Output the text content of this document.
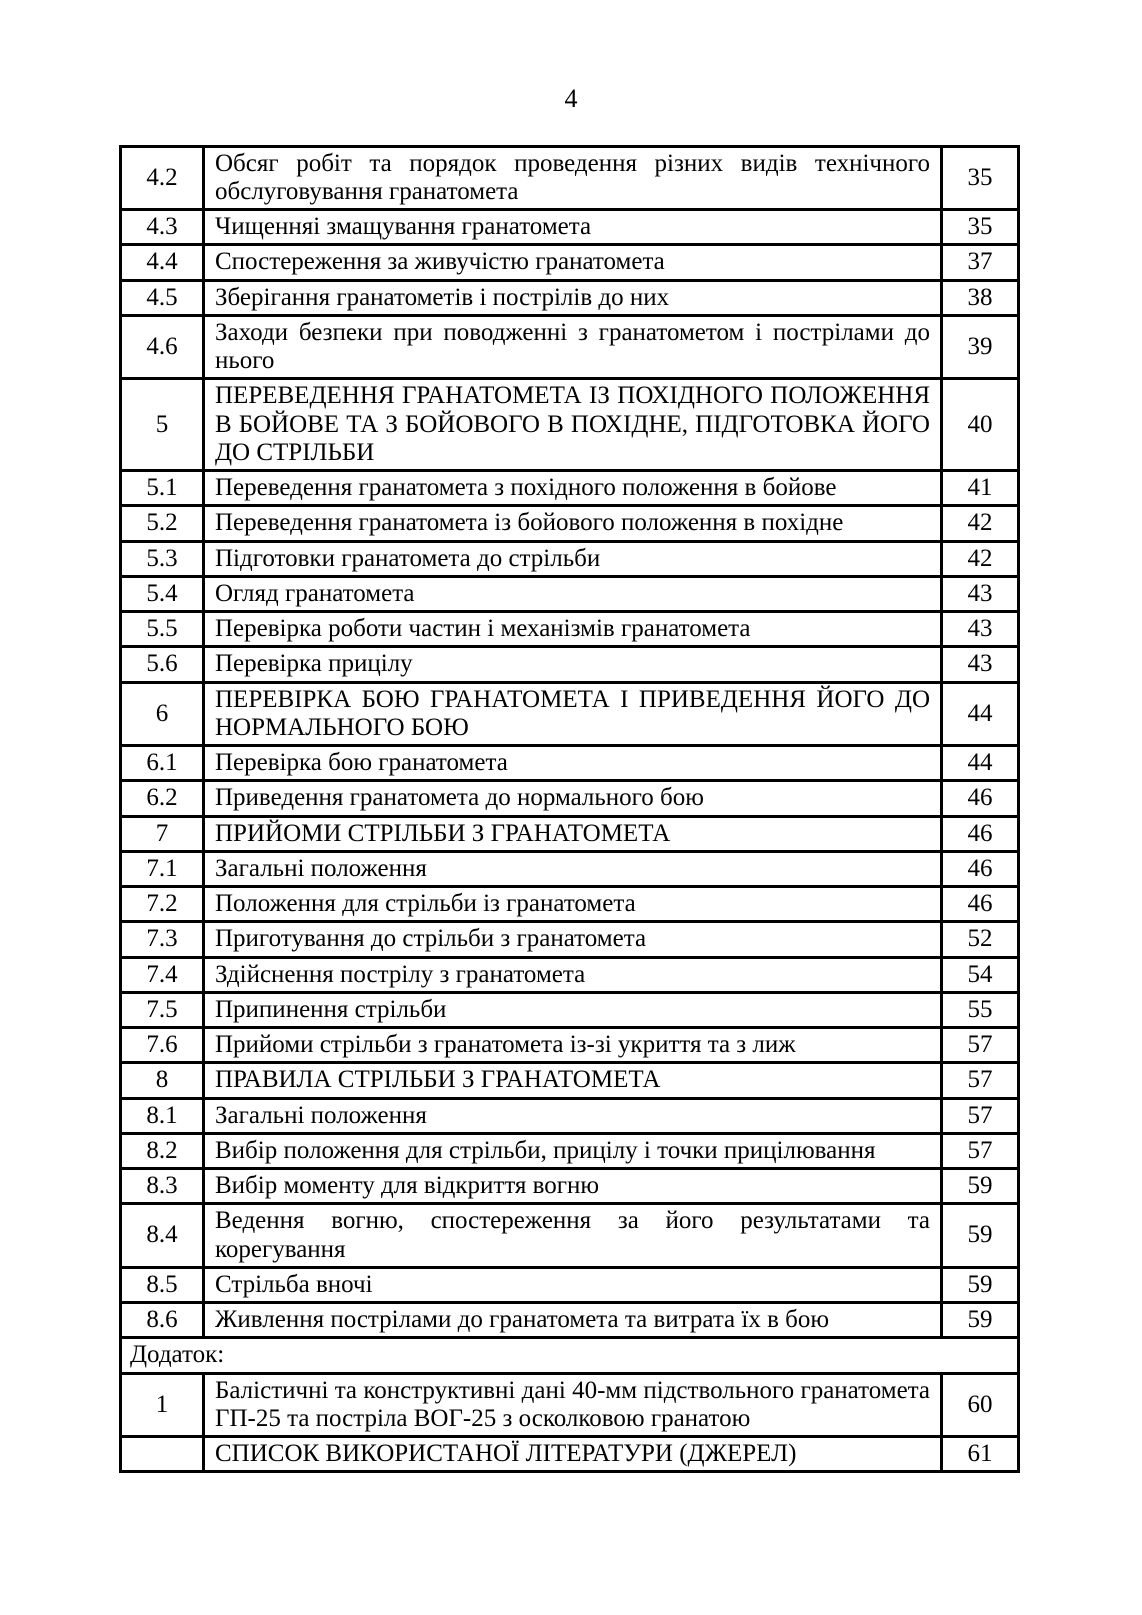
4
4.2	Обсяг робіт та порядок проведення різних видів технічного обслуговування гранатомета	35
4.3	Чищенняі змащування гранатомета	35
4.4	Спостереження за живучістю гранатомета	37
4.5	Зберігання гранатометів і пострілів до них	38
4.6	Заходи безпеки при поводженні з гранатометом і пострілами до нього	39
5	ПЕРЕВЕДЕННЯ ГРАНАТОМЕТА ІЗ ПОХІДНОГО ПОЛОЖЕННЯ В БОЙОВЕ ТА З БОЙОВОГО В ПОХІДНЕ, ПІДГОТОВКА ЙОГО ДО СТРІЛЬБИ	40
5.1	Переведення гранатомета з похідного положення в бойове	41
5.2	Переведення гранатомета із бойового положення в похідне	42
5.3	Підготовки гранатомета до стрільби	42
5.4	Огляд гранатомета	43
5.5	Перевірка роботи частин і механізмів гранатомета	43
5.6	Перевірка прицілу	43
6	ПЕРЕВІРКА БОЮ ГРАНАТОМЕТА І ПРИВЕДЕННЯ ЙОГО ДО НОРМАЛЬНОГО БОЮ	44
6.1	Перевірка бою гранатомета	44
6.2	Приведення гранатомета до нормального бою	46
7	ПРИЙОМИ СТРІЛЬБИ З ГРАНАТОМЕТА	46
7.1	Загальні положення	46
7.2	Положення для стрільби із гранатомета	46
7.3	Приготування до стрільби з гранатомета	52
7.4	Здійснення пострілу з гранатомета	54
7.5	Припинення стрільби	55
7.6	Прийоми стрільби з гранатомета із-зі укриття та з лиж	57
8	ПРАВИЛА СТРІЛЬБИ З ГРАНАТОМЕТА	57
8.1	Загальні положення	57
8.2	Вибір положення для стрільби, прицілу і точки прицілювання	57
8.3	Вибір моменту для відкриття вогню	59
8.4	Ведення вогню, спостереження за його результатами та корегування	59
8.5	Стрільба вночі	59
8.6	Живлення пострілами до гранатомета та витрата їх в бою	59
Додаток:		
1	Балістичні та конструктивні дані 40-мм підствольного гранатомета ГП-25 та постріла ВОГ-25 з осколковою гранатою	60
	СПИСОК ВИКОРИСТАНОЇ ЛІТЕРАТУРИ (ДЖЕРЕЛ)	61
